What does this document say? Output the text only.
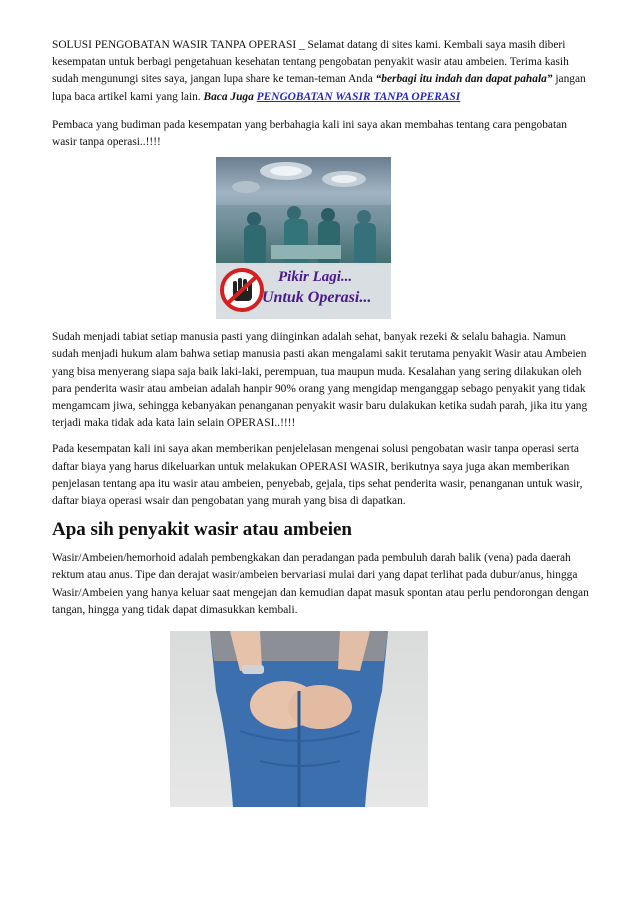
SOLUSI PENGOBATAN WASIR TANPA OPERASI _ Selamat datang di sites kami. Kembali saya masih diberi kesempatan untuk berbagi pengetahuan kesehatan tentang pengobatan penyakit wasir atau ambeien. Terima kasih sudah mengunungi sites saya, jangan lupa share ke teman-teman Anda “berbagi itu indah dan dapat pahala” jangan lupa baca artikel kami yang lain. Baca Juga PENGOBATAN WASIR TANPA OPERASI

Pembaca yang budiman pada kesempatan yang berbahagia kali ini saya akan membahas tentang cara pengobatan wasir tanpa operasi..!!!!

Pikir Lagi...
Untuk Operasi...

Sudah menjadi tabiat setiap manusia pasti yang diinginkan adalah sehat, banyak rezeki & selalu bahagia. Namun sudah menjadi hukum alam bahwa setiap manusia pasti akan mengalami sakit terutama penyakit Wasir atau Ambeien yang bisa menyerang siapa saja baik laki-laki, perempuan, tua maupun muda. Kesalahan yang sering dilakukan oleh para penderita wasir atau ambeian adalah hanpir 90% orang yang mengidap menganggap sebago penyakit yang tidak mengamcam jiwa, sehingga kebanyakan penanganan penyakit wasir baru dulakukan ketika sudah parah, jika itu yang terjadi maka tidak ada kata lain selain OPERASI..!!!!

Pada kesempatan kali ini saya akan memberikan penjelelasan mengenai solusi pengobatan wasir tanpa operasi serta daftar biaya yang harus dikeluarkan untuk melakukan OPERASI WASIR, berikutnya saya juga akan memberikan penjelasan tentang apa itu wasir atau ambeien, penyebab, gejala, tips sehat penderita wasir, penanganan untuk wasir, daftar biaya operasi wsair dan pengobatan yang murah yang bisa di dapatkan.

Apa sih penyakit wasir atau ambeien

Wasir/Ambeien/hemorhoid adalah pembengkakan dan peradangan pada pembuluh darah balik (vena) pada daerah rektum atau anus. Tipe dan derajat wasir/ambeien bervariasi mulai dari yang dapat terlihat pada dubur/anus, hingga Wasir/Ambeien yang hanya keluar saat mengejan dan kemudian dapat masuk spontan atau perlu pendorongan dengan tangan, hingga yang tidak dapat dimasukkan kembali.
